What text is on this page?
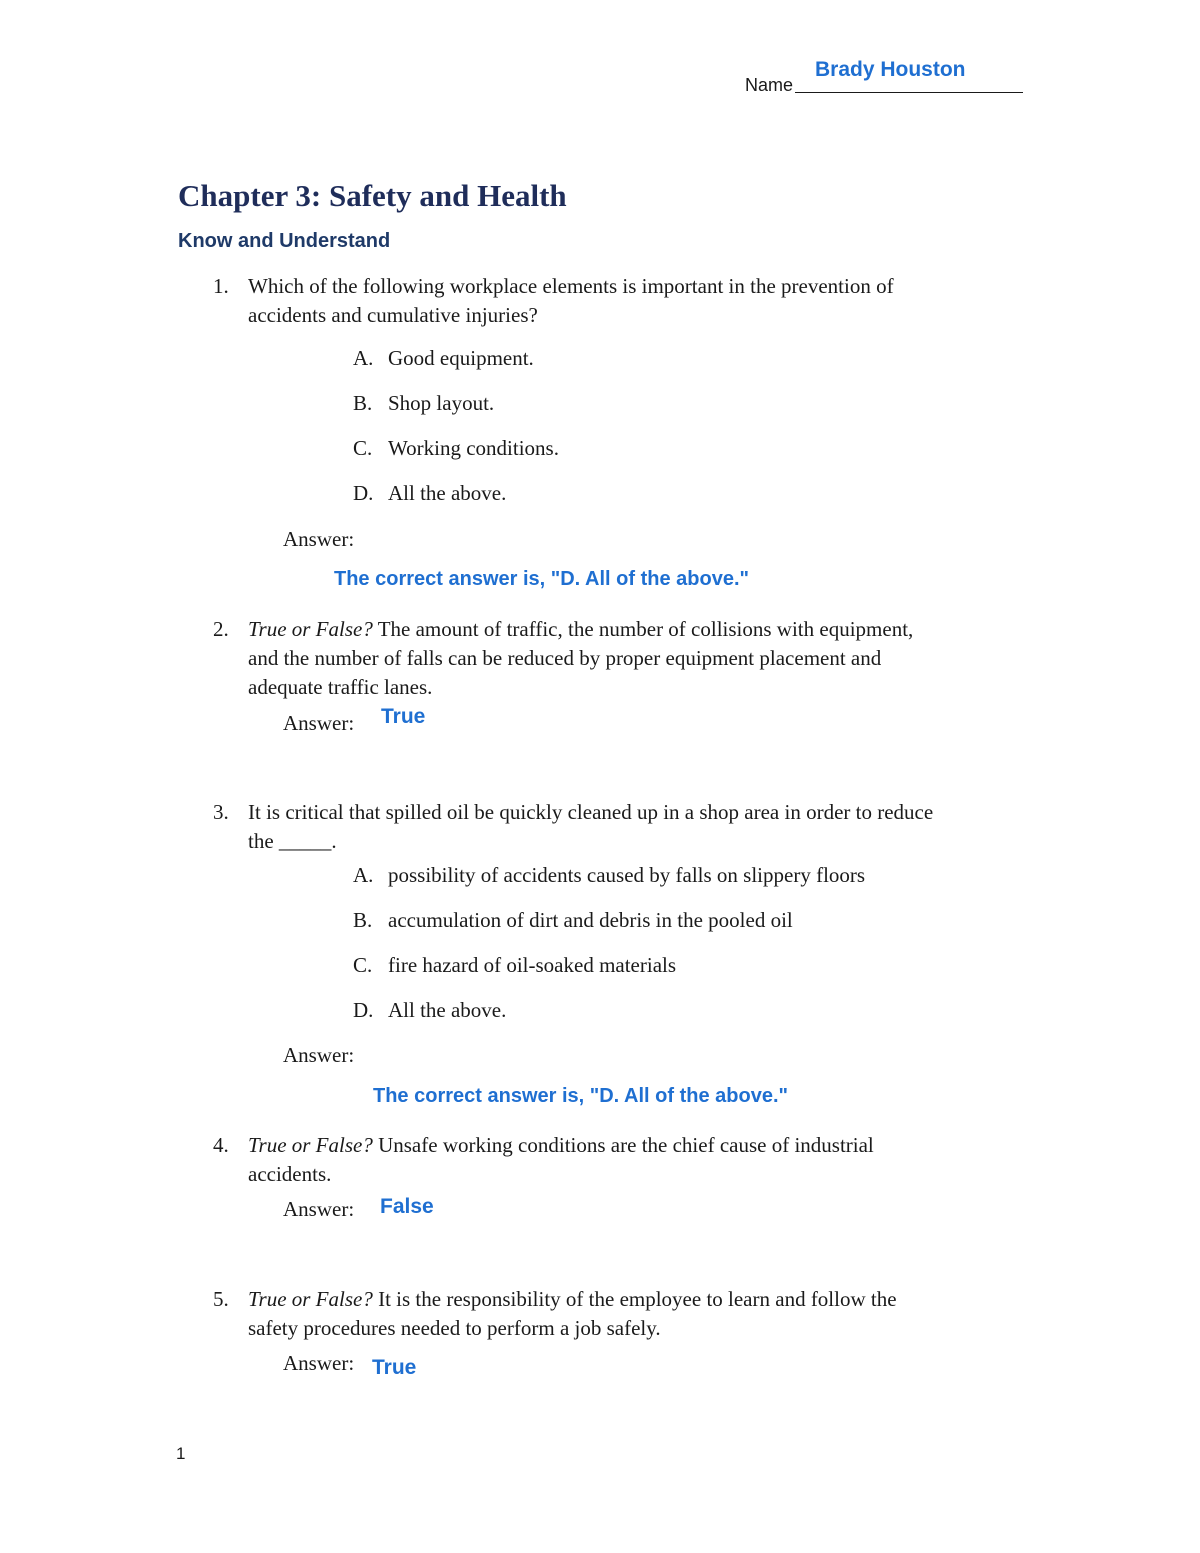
Name
Brady Houston
Chapter 3: Safety and Health
Know and Understand
1. Which of the following workplace elements is important in the prevention of
accidents and cumulative injuries?
A. Good equipment.
B. Shop layout.
C. Working conditions.
D. All the above.
Answer:
The correct answer is, "D. All of the above."
2. True or False? The amount of traffic, the number of collisions with equipment,
and the number of falls can be reduced by proper equipment placement and
adequate traffic lanes.
Answer: True
3. It is critical that spilled oil be quickly cleaned up in a shop area in order to reduce
the _____.
A. possibility of accidents caused by falls on slippery floors
B. accumulation of dirt and debris in the pooled oil
C. fire hazard of oil-soaked materials
D. All the above.
Answer:
The correct answer is, "D. All of the above."
4. True or False? Unsafe working conditions are the chief cause of industrial
accidents.
Answer: False
5. True or False? It is the responsibility of the employee to learn and follow the
safety procedures needed to perform a job safely.
Answer: True
1
